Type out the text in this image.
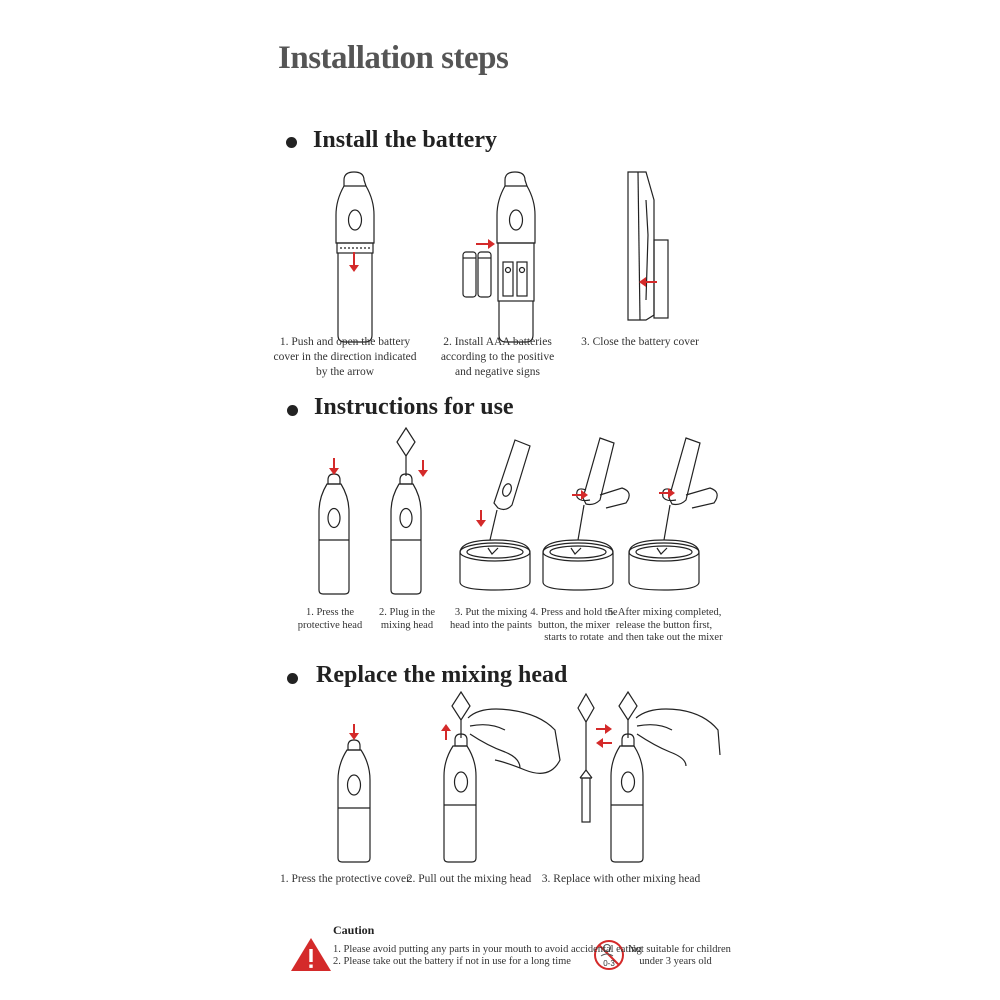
Installation steps
Install the battery
1. Push and open the battery
cover in the direction indicated
by the arrow
2. Install AAA batteries
according to the positive
and negative signs
3. Close the battery cover
Instructions for use
1. Press the
protective head
2. Plug in the
mixing head
3. Put the mixing
head into the paints
4. Press and hold the
button, the mixer
starts to rotate
5. After mixing completed,
release the button first,
and then take out the mixer
Replace the mixing head
1. Press the protective cover
2. Pull out the mixing head 3. Replace with other mixing head
0-3
Caution
1. Please avoid putting any parts in your mouth to avoid accidental eating
2. Please take out the battery if not in use for a long time
Not suitable for children
under 3 years old
